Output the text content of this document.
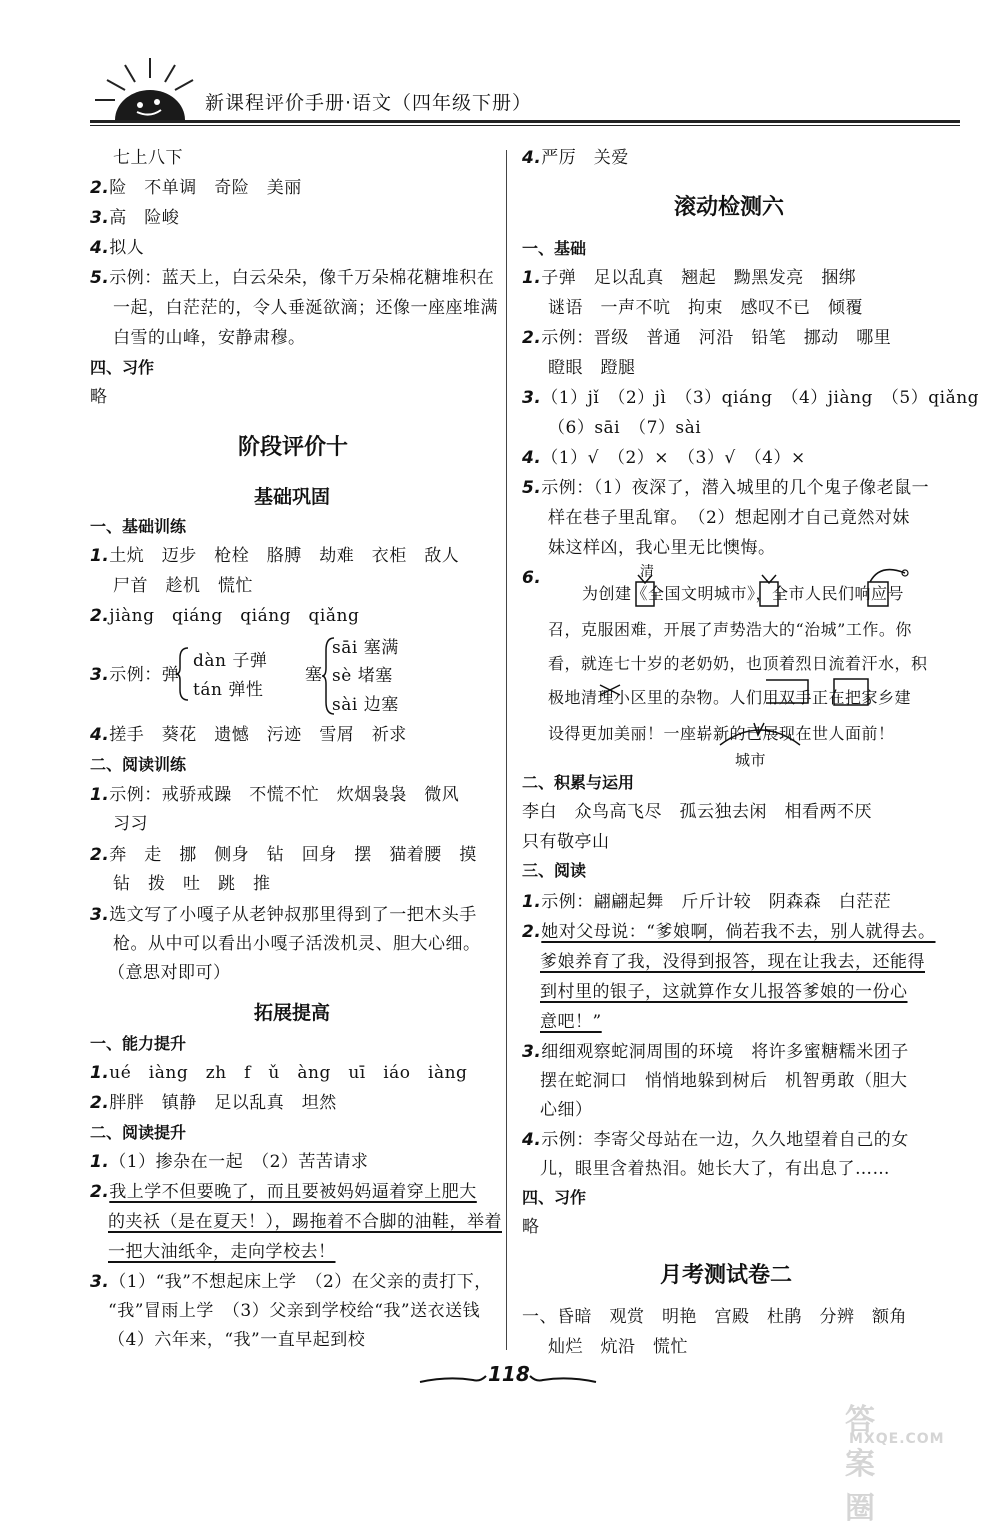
新课程评价手册·语文（四年级下册）
七上八下
2.险　不单调　奇险　美丽
3.高　险峻
4.拟人
5.示例：蓝天上，白云朵朵，像千万朵棉花糖堆积在
一起，白茫茫的，令人垂涎欲滴；还像一座座堆满
白雪的山峰，安静肃穆。
四、习作
略
阶段评价十
基础巩固
一、基础训练
1.土炕　迈步　枪栓　胳膊　劫难　衣柜　敌人
尸首　趁机　慌忙
2.jiàng　qiáng　qiáng　qiǎng
3.示例：弹
dàn 子弹
tán 弹性
塞
sāi 塞满
sè 堵塞
sài 边塞
4.搓手　葵花　遗憾　污迹　雪屑　祈求
二、阅读训练
1.示例：戒骄戒躁　不慌不忙　炊烟袅袅　微风
习习
2.奔　走　挪　侧身　钻　回身　摆　猫着腰　摸
钻　拨　吐　跳　推
3.选文写了小嘎子从老钟叔那里得到了一把木头手
枪。从中可以看出小嘎子活泼机灵、胆大心细。
（意思对即可）
拓展提高
一、能力提升
1.ué　iàng　zh　f　ǔ　àng　uī　iáo　iàng
2.胖胖　镇静　足以乱真　坦然
二、阅读提升
1.（1）掺杂在一起　（2）苦苦请求
2.我上学不但要晚了，而且要被妈妈逼着穿上肥大
的夹袄（是在夏天！），踢拖着不合脚的油鞋，举着
一把大油纸伞，走向学校去！
3.（1）“我”不想起床上学　（2）在父亲的责打下，
“我”冒雨上学　（3）父亲到学校给“我”送衣送钱
（4）六年来，“我”一直早起到校
4.严厉　关爱
滚动检测六
一、基础
1.子弹　足以乱真　翘起　黝黑发亮　捆绑
谜语　一声不吭　拘束　感叹不已　倾覆
2.示例：晋级　普通　河沿　铅笔　挪动　哪里
瞪眼　蹬腿
3.（1）jǐ　（2）jì　（3）qiáng　（4）jiàng　（5）qiǎng
（6）sāi　（7）sài
4.（1）√　（2）×　（3）√　（4）×
5.示例：（1）夜深了，潜入城里的几个鬼子像老鼠一
样在巷子里乱窜。　（2）想起刚才自己竟然对妹
妹这样凶，我心里无比懊悔。
6.
为创建《全国文明城市》，全市人民们响应号
召，克服困难，开展了声势浩大的“治城”工作。你
看，就连七十岁的老奶奶，也顶着烈日流着汗水，积
极地清理小区里的杂物。人们用双手正在把家乡建
设得更加美丽！一座崭新的已展现在世人面前！
清
城市
二、积累与运用
李白　众鸟高飞尽　孤云独去闲　相看两不厌
只有敬亭山
三、阅读
1.示例：翩翩起舞　斤斤计较　阴森森　白茫茫
2.她对父母说：“爹娘啊，倘若我不去，别人就得去。
爹娘养育了我，没得到报答，现在让我去，还能得
到村里的银子，这就算作女儿报答爹娘的一份心
意吧！”
3.细细观察蛇洞周围的环境　将许多蜜糖糯米团子
摆在蛇洞口　悄悄地躲到树后　机智勇敢（胆大
心细）
4.示例：李寄父母站在一边，久久地望着自己的女
儿，眼里含着热泪。她长大了，有出息了……
四、习作
略
月考测试卷二
一、昏暗　观赏　明艳　宫殿　杜鹃　分辨　额角
灿烂　炕沿　慌忙
118
答案圈
MXQE.COM
